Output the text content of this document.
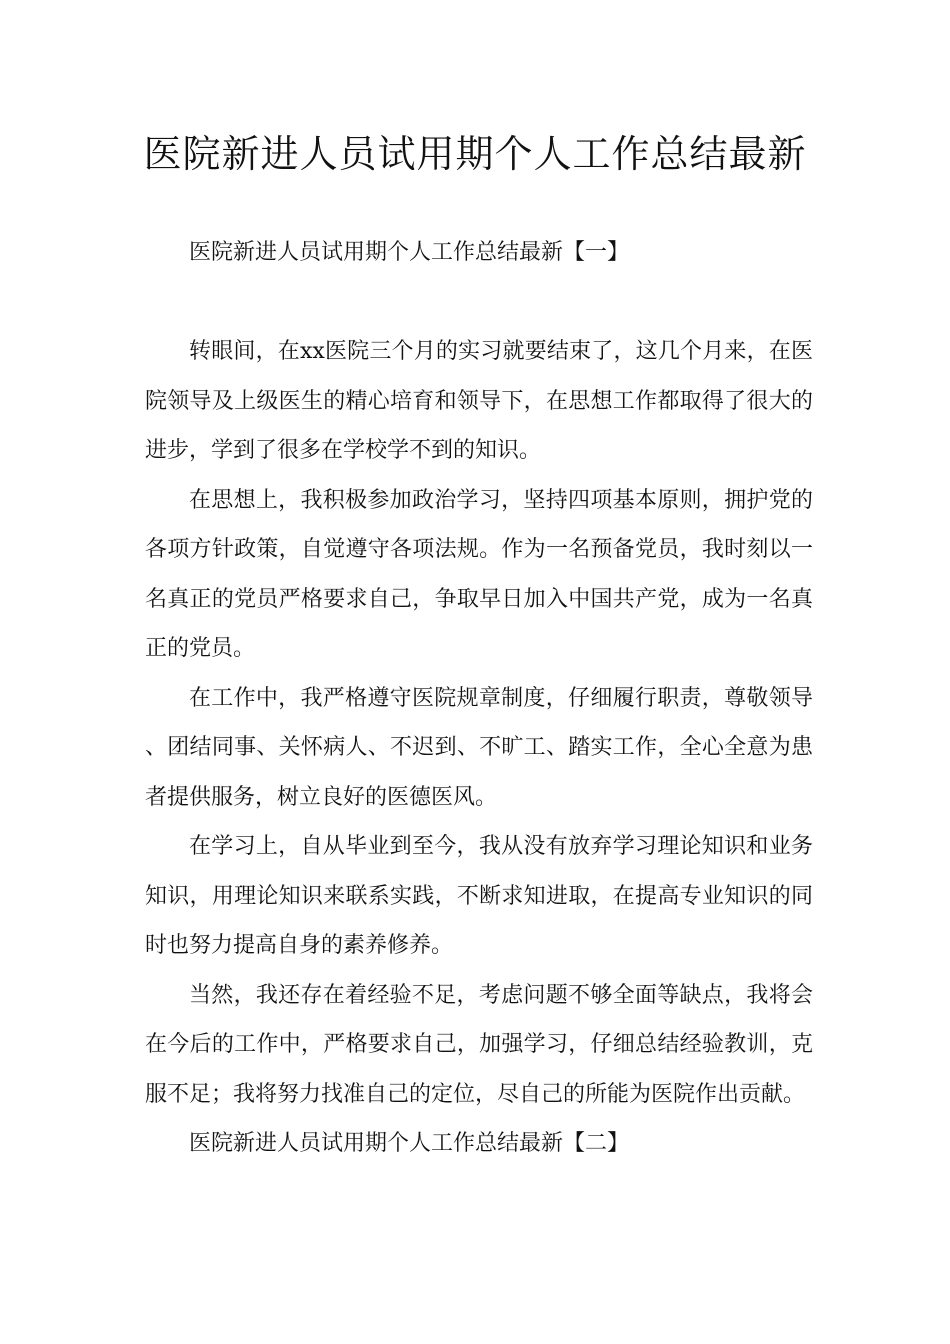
医院新进人员试用期个人工作总结最新
医院新进人员试用期个人工作总结最新【一】

转眼间，在xx医院三个月的实习就要结束了，这几个月来，在医院领导及上级医生的精心培育和领导下，在思想工作都取得了很大的进步，学到了很多在学校学不到的知识。

在思想上，我积极参加政治学习，坚持四项基本原则，拥护党的各项方针政策，自觉遵守各项法规。作为一名预备党员，我时刻以一名真正的党员严格要求自己，争取早日加入中国共产党，成为一名真正的党员。

在工作中，我严格遵守医院规章制度，仔细履行职责，尊敬领导、团结同事、关怀病人、不迟到、不旷工、踏实工作，全心全意为患者提供服务，树立良好的医德医风。

在学习上，自从毕业到至今，我从没有放弃学习理论知识和业务知识，用理论知识来联系实践，不断求知进取，在提高专业知识的同时也努力提高自身的素养修养。

当然，我还存在着经验不足，考虑问题不够全面等缺点，我将会在今后的工作中，严格要求自己，加强学习，仔细总结经验教训，克服不足；我将努力找准自己的定位，尽自己的所能为医院作出贡献。

医院新进人员试用期个人工作总结最新【二】
